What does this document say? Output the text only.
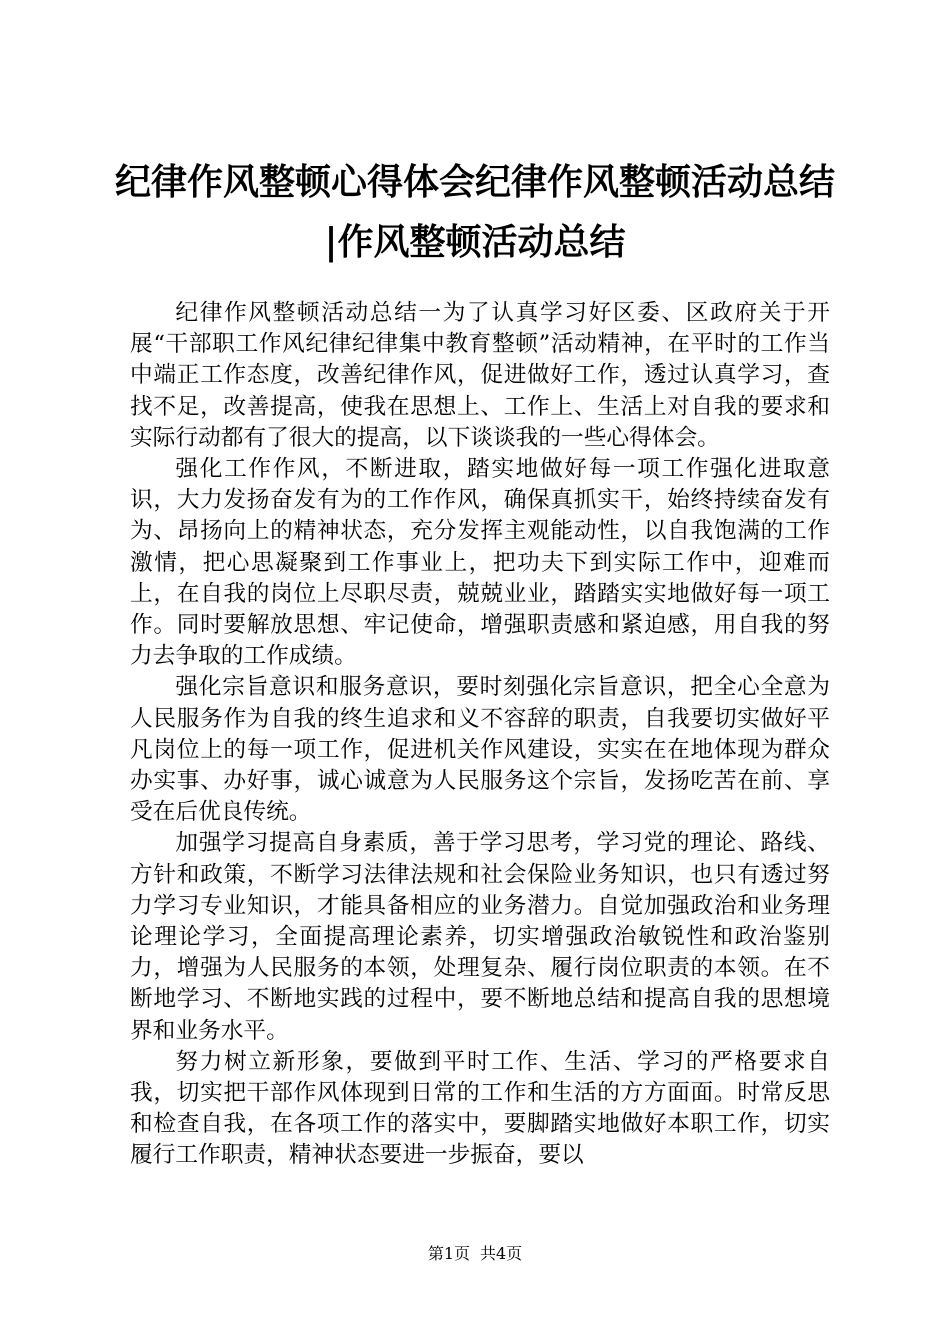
纪律作风整顿心得体会纪律作风整顿活动总结
|作风整顿活动总结

纪律作风整顿活动总结一为了认真学习好区委、区政府关于开展“干部职工作风纪律纪律集中教育整顿”活动精神，在平时的工作当中端正工作态度，改善纪律作风，促进做好工作，透过认真学习，查找不足，改善提高，使我在思想上、工作上、生活上对自我的要求和实际行动都有了很大的提高，以下谈谈我的一些心得体会。

强化工作作风，不断进取，踏实地做好每一项工作强化进取意识，大力发扬奋发有为的工作作风，确保真抓实干，始终持续奋发有为、昂扬向上的精神状态，充分发挥主观能动性，以自我饱满的工作激情，把心思凝聚到工作事业上，把功夫下到实际工作中，迎难而上，在自我的岗位上尽职尽责，兢兢业业，踏踏实实地做好每一项工作。同时要解放思想、牢记使命，增强职责感和紧迫感，用自我的努力去争取的工作成绩。

强化宗旨意识和服务意识，要时刻强化宗旨意识，把全心全意为人民服务作为自我的终生追求和义不容辞的职责，自我要切实做好平凡岗位上的每一项工作，促进机关作风建设，实实在在地体现为群众办实事、办好事，诚心诚意为人民服务这个宗旨，发扬吃苦在前、享受在后优良传统。

加强学习提高自身素质，善于学习思考，学习党的理论、路线、方针和政策，不断学习法律法规和社会保险业务知识，也只有透过努力学习专业知识，才能具备相应的业务潜力。自觉加强政治和业务理论理论学习，全面提高理论素养，切实增强政治敏锐性和政治鉴别力，增强为人民服务的本领，处理复杂、履行岗位职责的本领。在不断地学习、不断地实践的过程中，要不断地总结和提高自我的思想境界和业务水平。

努力树立新形象，要做到平时工作、生活、学习的严格要求自我，切实把干部作风体现到日常的工作和生活的方方面面。时常反思和检查自我，在各项工作的落实中，要脚踏实地做好本职工作，切实履行工作职责，精神状态要进一步振奋，要以

第1页 共4页
